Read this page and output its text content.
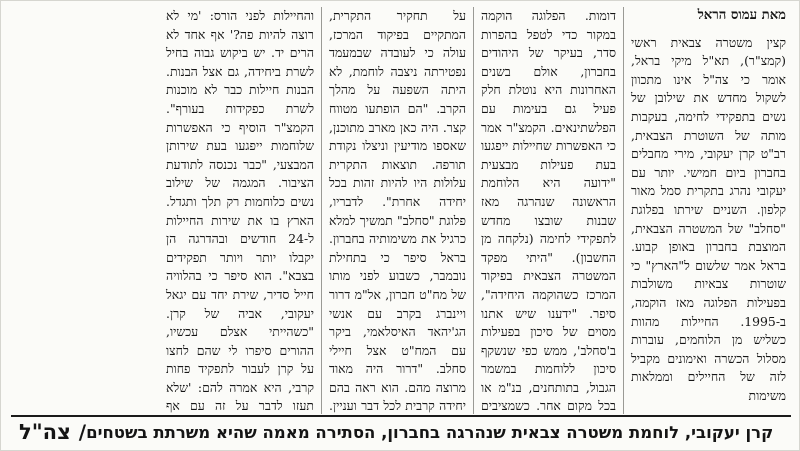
מאת עמוס הראל

קצין משטרה צבאית ראשי (קמצ"ר), תא"ל מיקי בראל, אומר כי צה"ל אינו מתכוון לשקול מחדש את שילובן של נשים בתפקידי לחימה, בעקבות מותה של השוטרת הצבאית, רב"ט קרן יעקובי, מירי מחבלים בחברון ביום חמישי. יותר עם יעקובי נהרג בתקרית סמל מאור קלפון. השניים שירתו בפלוגת "סחלב" של המשטרה הצבאית, המוצבת בחברון באופן קבוע. בראל אמר שלשום ל"הארץ" כי שוטרות צבאיות משולבות בפעילות הפלוגה מאז הוקמה, ב-1995. החיילות מהוות כשליש מן הלוחמים, עוברות מסלול הכשרה ואימונים מקביל לזה של החיילים וממלאות משימות

דומות. הפלוגה הוקמה במקור כדי לטפל בהפרות סדר, בעיקר של היהודים בחברון, אולם בשנים האחרונות היא נוטלת חלק פעיל גם בעימות עם הפלשתינאים. הקמצ"ר אמר כי האפשרות שחיילות ייפגעו בעת פעילות מבצעית "ידועה היא הלוחמת הראשונה שנהרגה מאז שבנות שובצו מחדש לתפקידי לחימה (נלקחה מן החשבון). "היתי מפקד המשטרה הצבאית בפיקוד המרכז כשהוקמה היחידה", סיפר. "ידענו שיש אתנו מסוים של סיכון בפעילות ב'סחלב', ממש כפי שנשקף סיכון ללוחמות במשמר הגבול, בתותחנים, בנ"מ או בכל מקום אחר. כשמציבים

על תחקיר התקרית, המתקיים בפיקוד המרכז, עולה כי לעובדה שבמעמד נפטירתה ניצבה לוחמת, לא היתה השפעה על מהלך הקרב. "הם הופתעו מטווח קצר. היה כאן מארב מתוכנן, שאספו מודיעין וניצלו נקודת תורפה. תוצאות התקרית עלולות היו להיות זהות בכל יחידה אחרת". לדבריו, פלוגת "סחלב" תמשיך למלא כרגיל את משימותיה בחברון. בראל סיפר כי בתחילת נובמבר, כשבוע לפני מותו של מח"ט חברון, אל"מ דרור ויינברג בקרב עם אנשי הג'יהאד האיסלאמי, ביקר עם המח"ט אצל חיילי סחלב. "דרור היה מאוד מרוצה מהם. הוא ראה בהם יחידה קרבית לכל דבר ועניין.

והחיילות לפני הורס: 'מי לא רוצה להיות פה?' אף אחד לא הרים יד. יש ביקוש גבוה בחיל לשרת ביחידה, גם אצל הבנות. הבנות חיילות כבר לא מוכנות לשרת כפקידות בעורף". הקמצ"ר הוסיף כי האפשרות שלוחמות ייפגעו בעת שירותן המבצעי, "כבר נכנסה לתודעת הציבור. המגמה של שילוב נשים כלוחמות רק תלך ותגדל. הארץ בו את שירות החיילות ל-24 חודשים ובהדרגה הן יקבלו יותר ויותר תפקידים בצבא". הוא סיפר כי בהלוויה חייל סדיר, שירת יחד עם יגאל יעקובי, אביה של קרן. "כשהייתי אצלם עכשיו, ההורים סיפרו לי שהם לחצו על קרן לעבור לתפקיד פחות קרבי, היא אמרה להם: 'שלא תעזו לדבר על זה עם אף

צה"ל / קרן יעקובי, לוחמת משטרה צבאית שנהרגה בחברון, הסתירה מאמה שהיא משרתת בשטחים
